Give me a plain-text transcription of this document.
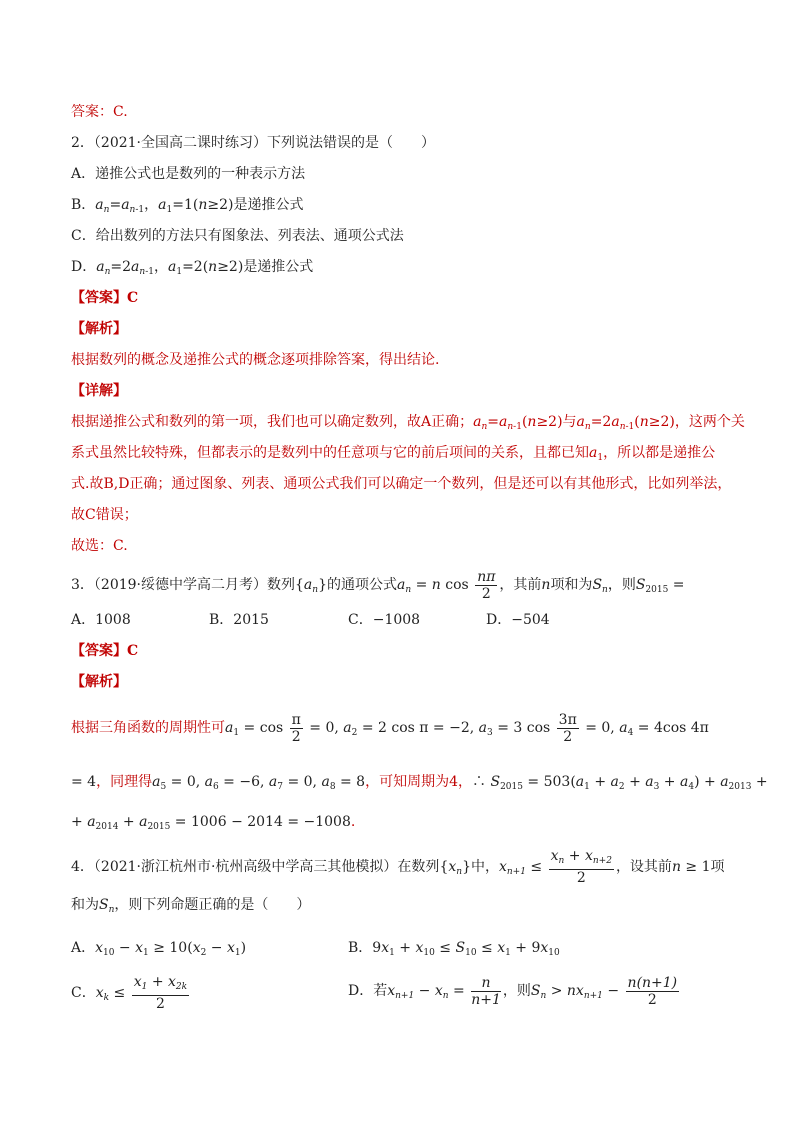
答案：C.
2．（2021·全国高二课时练习）下列说法错误的是（　　）
A．递推公式也是数列的一种表示方法
B．$a_n=a_{n-1}$，$a_1=1(n\ge 2)$是递推公式
C．给出数列的方法只有图象法、列表法、通项公式法
D．$a_n=2a_{n-1}$，$a_1=2(n\ge 2)$是递推公式
【答案】C
【解析】
根据数列的概念及递推公式的概念逐项排除答案，得出结论.
【详解】
根据递推公式和数列的第一项，我们也可以确定数列，故A正确；$a_n=a_{n-1}(n\ge 2)$与$a_n=2a_{n-1}(n\ge 2)$，这两个关
系式虽然比较特殊，但都表示的是数列中的任意项与它的前后项间的关系，且都已知$a_1$，所以都是递推公
式.故B,D正确；通过图象、列表、通项公式我们可以确定一个数列，但是还可以有其他形式，比如列举法，
故C错误；
故选：C.
3．（2019·绥德中学高二月考）数列$\{a_n\}$的通项公式$a_n = n$ $\cos \frac{n\pi}{2}$ ，其前n项和为$S_n$，则$S_{2015}$ =
A．1008	B．2015	C．−1008	D．−504
【答案】C
【解析】
根据三角函数的周期性可$a_1 = \cos \frac{\pi}{2} = 0$, $a_2 = 2$ cos π = −2, $a_3 = 3$ $\cos \frac{3\pi}{2} = 0$, $a_4 = 4\cos$ 4π
= 4，同理得$a_5 = 0$, $a_6 = -6$, $a_7 = 0$, $a_8 = 8$，可知周期为4，∴ $S_{2015} = 503(a_1 + a_2 + a_3 + a_4) + a_{2013}$ +
+ $a_{2014} + a_{2015} = 1006 - 2014 = -1008$.
4．（2021·浙江杭州市·杭州高级中学高三其他模拟）在数列$\{x_n\}$中，$x_{n+1} \le \frac{x_n + x_{n+2}}{2}$ ，设其前n ≥ 1项
和为$S_n$，则下列命题正确的是（　　）
A．$x_{10} - x_1 \ge 10(x_2 - x_1)$	B．$9x_1 + x_{10} \le S_{10} \le x_1 + 9x_{10}$
C．$x_k \le \frac{x_1 + x_{2k}}{2}$	D．若$x_{n+1} - x_n = \frac{n}{n+1}$ ，则$S_n > nx_{n+1} - \frac{n(n+1)}{2}$
